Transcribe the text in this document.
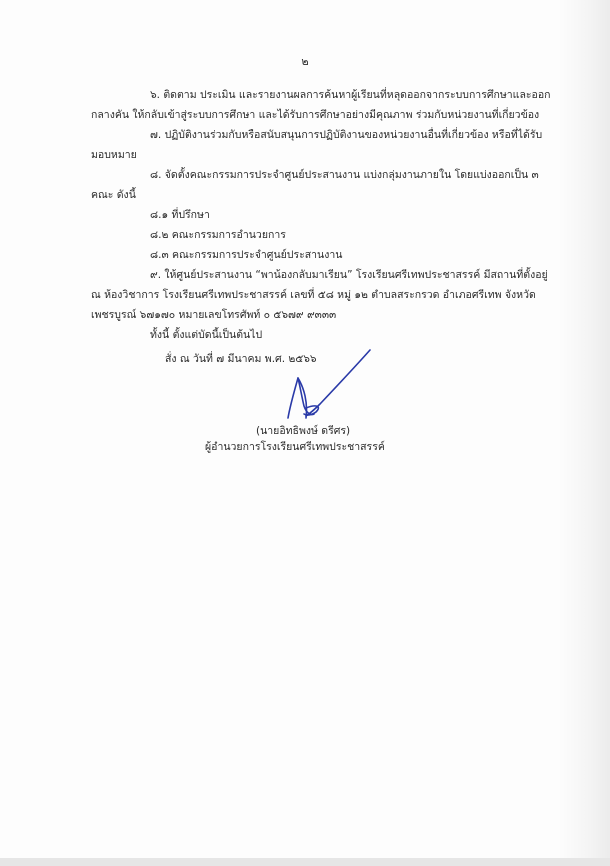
๒
๖. ติดตาม ประเมิน และรายงานผลการค้นหาผู้เรียนที่หลุดออกจากระบบการศึกษาและออก
กลางคัน ให้กลับเข้าสู่ระบบการศึกษา และได้รับการศึกษาอย่างมีคุณภาพ ร่วมกับหน่วยงานที่เกี่ยวข้อง
๗. ปฏิบัติงานร่วมกับหรือสนับสนุนการปฏิบัติงานของหน่วยงานอื่นที่เกี่ยวข้อง หรือที่ได้รับ
มอบหมาย
๘. จัดตั้งคณะกรรมการประจำศูนย์ประสานงาน แบ่งกลุ่มงานภายใน โดยแบ่งออกเป็น ๓
คณะ ดังนี้
๘.๑ ที่ปรึกษา
๘.๒ คณะกรรมการอำนวยการ
๘.๓ คณะกรรมการประจำศูนย์ประสานงาน
๙. ให้ศูนย์ประสานงาน “พาน้องกลับมาเรียน” โรงเรียนศรีเทพประชาสรรค์ มีสถานที่ตั้งอยู่
ณ ห้องวิชาการ โรงเรียนศรีเทพประชาสรรค์ เลขที่ ๕๘ หมู่ ๑๒ ตำบลสระกรวด อำเภอศรีเทพ จังหวัด
เพชรบูรณ์ ๖๗๑๗๐ หมายเลขโทรศัพท์ ๐ ๕๖๗๙ ๙๓๓๓
ทั้งนี้ ตั้งแต่บัดนี้เป็นต้นไป
สั่ง ณ วันที่ ๗ มีนาคม พ.ศ. ๒๕๖๖
(นายอิทธิพงษ์ ดรีศร)
ผู้อำนวยการโรงเรียนศรีเทพประชาสรรค์
